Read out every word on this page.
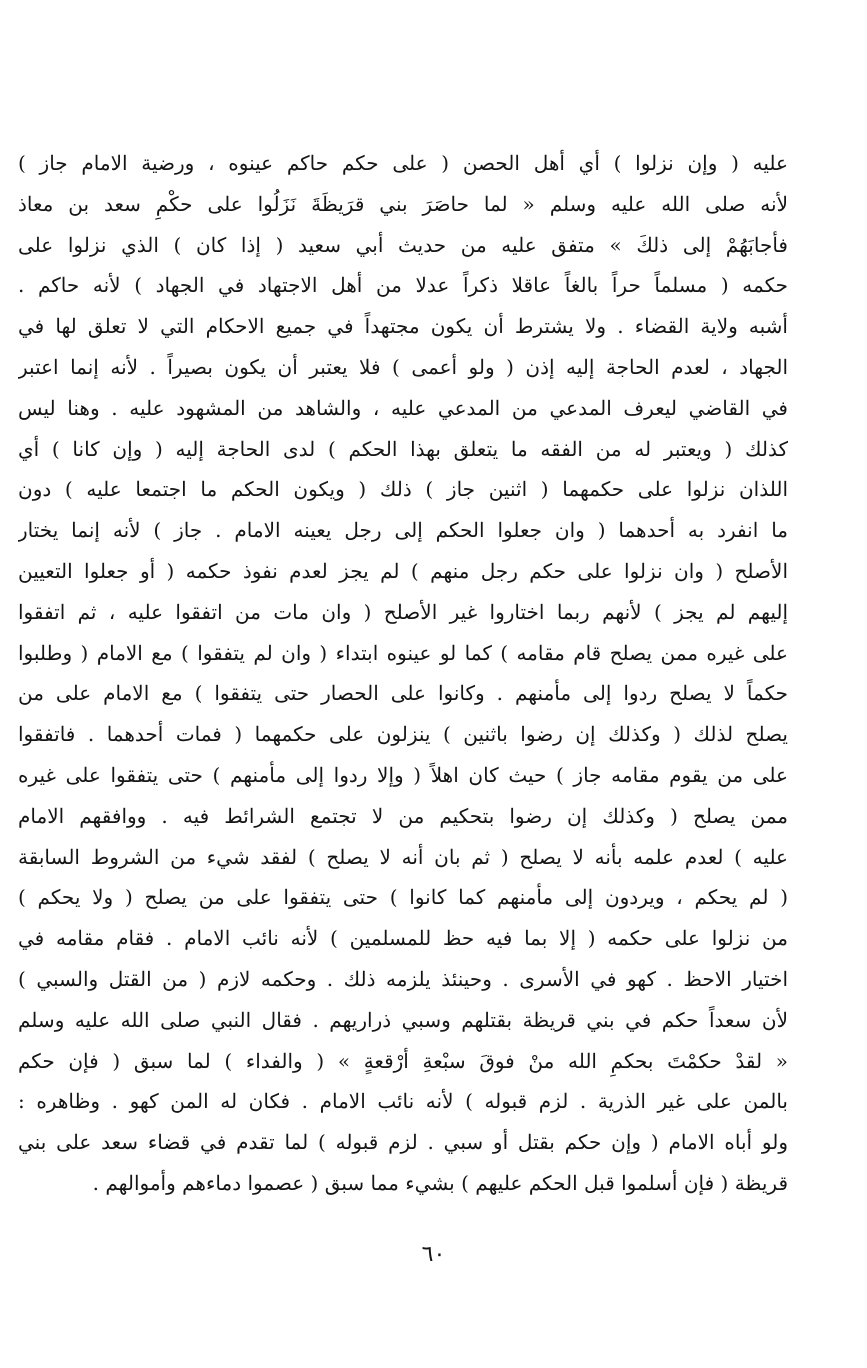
عليه ( وإن نزلوا ) أي أهل الحصن ( على حكم حاكم عينوه ، ورضية الامام جاز )
لأنه صلى الله عليه وسلم « لما حاصَرَ بني قرَيظَةَ نَزَلُوا على حكْمِ سعد بن معاذ
فأجابَهُمْ إلى ذلكَ » متفق عليه من حديث أبي سعيد ( إذا كان ) الذي نزلوا على
حكمه ( مسلماً حراً بالغاً عاقلا ذكراً عدلا من أهل الاجتهاد في الجهاد ) لأنه حاكم .
أشبه ولاية القضاء . ولا يشترط أن يكون مجتهداً في جميع الاحكام التي لا تعلق لها في
الجهاد ، لعدم الحاجة إليه إذن ( ولو أعمى ) فلا يعتبر أن يكون بصيراً . لأنه إنما اعتبر
في القاضي ليعرف المدعي من المدعي عليه ، والشاهد من المشهود عليه . وهنا ليس
كذلك ( ويعتبر له من الفقه ما يتعلق بهذا الحكم ) لدى الحاجة إليه ( وإن كانا ) أي
اللذان نزلوا على حكمهما ( اثنين جاز ) ذلك ( ويكون الحكم ما اجتمعا عليه ) دون
ما انفرد به أحدهما ( وان جعلوا الحكم إلى رجل يعينه الامام . جاز ) لأنه إنما يختار
الأصلح ( وان نزلوا على حكم رجل منهم ) لم يجز لعدم نفوذ حكمه ( أو جعلوا التعيين
إليهم لم يجز ) لأنهم ربما اختاروا غير الأصلح ( وان مات من اتفقوا عليه ، ثم اتفقوا
على غيره ممن يصلح قام مقامه ) كما لو عينوه ابتداء ( وان لم يتفقوا ) مع الامام ( وطلبوا
حكماً لا يصلح ردوا إلى مأمنهم . وكانوا على الحصار حتى يتفقوا ) مع الامام على من
يصلح لذلك ( وكذلك إن رضوا باثنين ) ينزلون على حكمهما ( فمات أحدهما . فاتفقوا
على من يقوم مقامه جاز ) حيث كان اهلاً ( وإلا ردوا إلى مأمنهم ) حتى يتفقوا على غيره
ممن يصلح ( وكذلك إن رضوا بتحكيم من لا تجتمع الشرائط فيه . ووافقهم الامام
عليه ) لعدم علمه بأنه لا يصلح ( ثم بان أنه لا يصلح ) لفقد شيء من الشروط السابقة
( لم يحكم ، ويردون إلى مأمنهم كما كانوا ) حتى يتفقوا على من يصلح ( ولا يحكم )
من نزلوا على حكمه ( إلا بما فيه حظ للمسلمين ) لأنه نائب الامام . فقام مقامه في
اختيار الاحظ . كهو في الأسرى . وحينئذ يلزمه ذلك . وحكمه لازم ( من القتل والسبي )
لأن سعداً حكم في بني قريظة بقتلهم وسبي ذراريهم . فقال النبي صلى الله عليه وسلم
« لقدْ حكمْتَ بحكمِ الله منْ فوقَ سبْعةِ أرْقعةٍ » ( والفداء ) لما سبق ( فإن حكم
بالمن على غير الذرية . لزم قبوله ) لأنه نائب الامام . فكان له المن كهو . وظاهره :
ولو أباه الامام ( وإن حكم بقتل أو سبي . لزم قبوله ) لما تقدم في قضاء سعد على بني
قريظة ( فإن أسلموا قبل الحكم عليهم ) بشيء مما سبق ( عصموا دماءهم وأموالهم .
٦٠
